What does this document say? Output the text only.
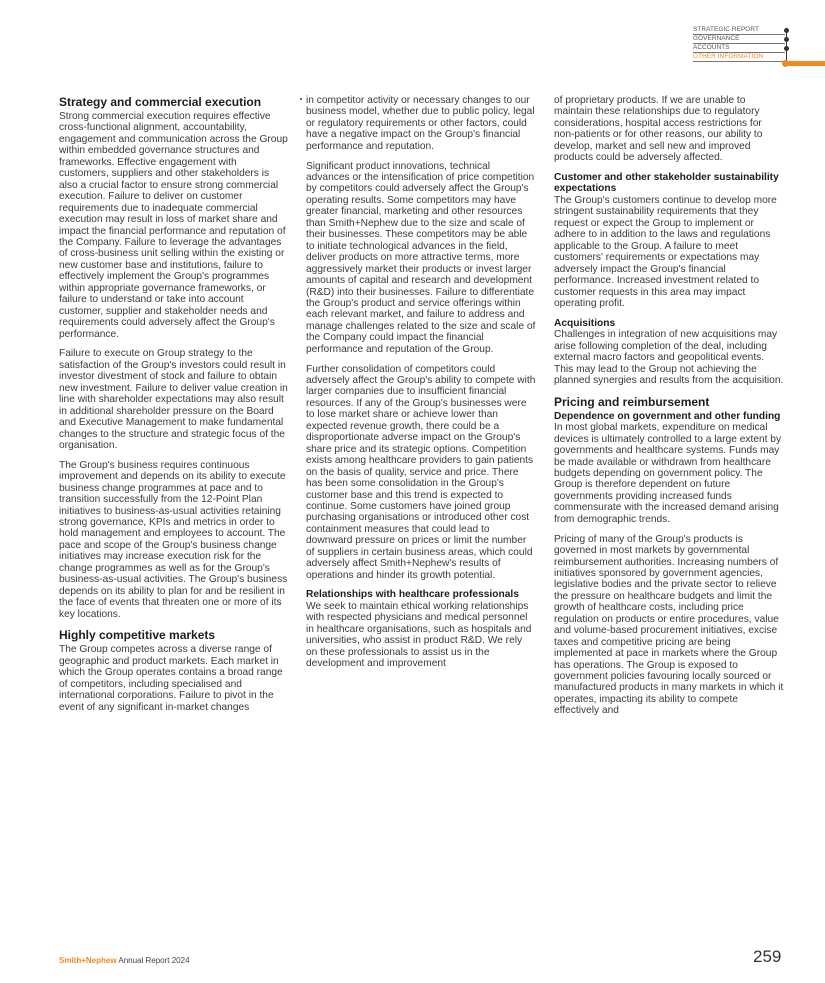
STRATEGIC REPORT
GOVERNANCE
ACCOUNTS
OTHER INFORMATION
Strategy and commercial execution

Strong commercial execution requires effective cross-functional alignment, accountability, engagement and communication across the Group within embedded governance structures and frameworks. Effective engagement with customers, suppliers and other stakeholders is also a crucial factor to ensure strong commercial execution. Failure to deliver on customer requirements due to inadequate commercial execution may result in loss of market share and impact the financial performance and reputation of the Company. Failure to leverage the advantages of cross-business unit selling within the existing or new customer base and institutions, failure to effectively implement the Group's programmes within appropriate governance frameworks, or failure to understand or take into account customer, supplier and stakeholder needs and requirements could adversely affect the Group's performance.

Failure to execute on Group strategy to the satisfaction of the Group's investors could result in investor divestment of stock and failure to obtain new investment. Failure to deliver value creation in line with shareholder expectations may also result in additional shareholder pressure on the Board and Executive Management to make fundamental changes to the structure and strategic focus of the organisation.

The Group's business requires continuous improvement and depends on its ability to execute business change programmes at pace and to transition successfully from the 12-Point Plan initiatives to business-as-usual activities retaining strong governance, KPIs and metrics in order to hold management and employees to account. The pace and scope of the Group's business change initiatives may increase execution risk for the change programmes as well as for the Group's business-as-usual activities. The Group's business depends on its ability to plan for and be resilient in the face of events that threaten one or more of its key locations.

Highly competitive markets

The Group competes across a diverse range of geographic and product markets. Each market in which the Group operates contains a broad range of competitors, including specialised and international corporations. Failure to pivot in the event of any significant in-market changes

in competitor activity or necessary changes to our business model, whether due to public policy, legal or regulatory requirements or other factors, could have a negative impact on the Group's financial performance and reputation.

Significant product innovations, technical advances or the intensification of price competition by competitors could adversely affect the Group's operating results. Some competitors may have greater financial, marketing and other resources than Smith+Nephew due to the size and scale of their businesses. These competitors may be able to initiate technological advances in the field, deliver products on more attractive terms, more aggressively market their products or invest larger amounts of capital and research and development (R&D) into their businesses. Failure to differentiate the Group's product and service offerings within each relevant market, and failure to address and manage challenges related to the size and scale of the Company could impact the financial performance and reputation of the Group.

Further consolidation of competitors could adversely affect the Group's ability to compete with larger companies due to insufficient financial resources. If any of the Group's businesses were to lose market share or achieve lower than expected revenue growth, there could be a disproportionate adverse impact on the Group's share price and its strategic options. Competition exists among healthcare providers to gain patients on the basis of quality, service and price. There has been some consolidation in the Group's customer base and this trend is expected to continue. Some customers have joined group purchasing organisations or introduced other cost containment measures that could lead to downward pressure on prices or limit the number of suppliers in certain business areas, which could adversely affect Smith+Nephew's results of operations and hinder its growth potential.

Relationships with healthcare professionals

We seek to maintain ethical working relationships with respected physicians and medical personnel in healthcare organisations, such as hospitals and universities, who assist in product R&D. We rely on these professionals to assist us in the development and improvement

of proprietary products. If we are unable to maintain these relationships due to regulatory considerations, hospital access restrictions for non-patients or for other reasons, our ability to develop, market and sell new and improved products could be adversely affected.

Customer and other stakeholder sustainability expectations

The Group's customers continue to develop more stringent sustainability requirements that they request or expect the Group to implement or adhere to in addition to the laws and regulations applicable to the Group. A failure to meet customers' requirements or expectations may adversely impact the Group's financial performance. Increased investment related to customer requests in this area may impact operating profit.

Acquisitions

Challenges in integration of new acquisitions may arise following completion of the deal, including external macro factors and geopolitical events. This may lead to the Group not achieving the planned synergies and results from the acquisition.

Pricing and reimbursement
Dependence on government and other funding

In most global markets, expenditure on medical devices is ultimately controlled to a large extent by governments and healthcare systems. Funds may be made available or withdrawn from healthcare budgets depending on government policy. The Group is therefore dependent on future governments providing increased funds commensurate with the increased demand arising from demographic trends.

Pricing of many of the Group's products is governed in most markets by governmental reimbursement authorities. Increasing numbers of initiatives sponsored by government agencies, legislative bodies and the private sector to relieve the pressure on healthcare budgets and limit the growth of healthcare costs, including price regulation on products or entire procedures, value and volume-based procurement initiatives, excise taxes and competitive pricing are being implemented at pace in markets where the Group has operations. The Group is exposed to government policies favouring locally sourced or manufactured products in many markets in which it operates, impacting its ability to compete effectively and

Smith+Nephew Annual Report 2024	259
